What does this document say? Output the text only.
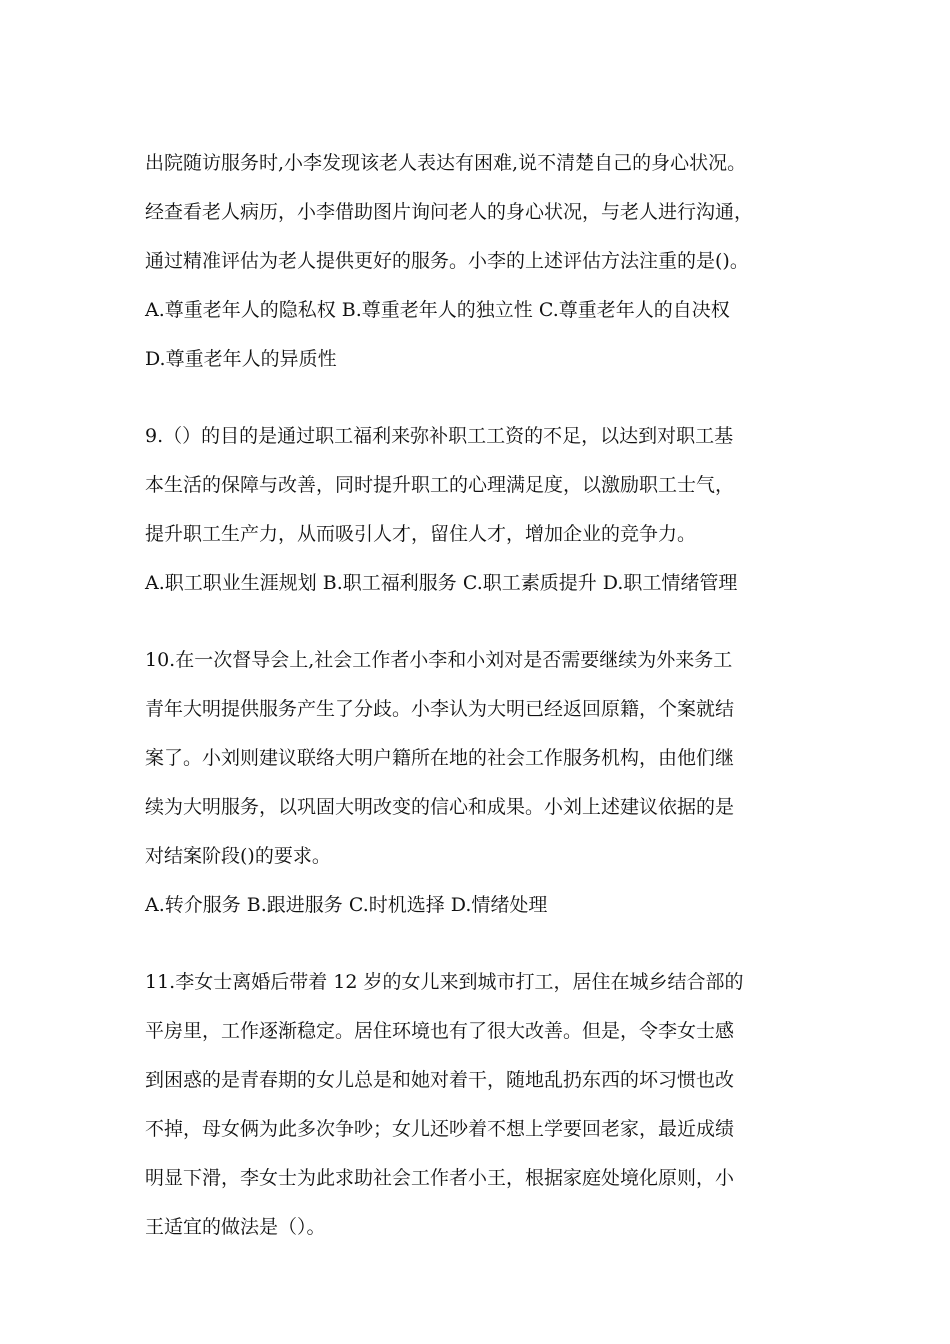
出院随访服务时,小李发现该老人表达有困难,说不清楚自己的身心状况。
经查看老人病历，小李借助图片询问老人的身心状况，与老人进行沟通，
通过精准评估为老人提供更好的服务。小李的上述评估方法注重的是()。
A.尊重老年人的隐私权 B.尊重老年人的独立性 C.尊重老年人的自决权
D.尊重老年人的异质性
9.（）的目的是通过职工福利来弥补职工工资的不足，以达到对职工基
本生活的保障与改善，同时提升职工的心理满足度，以激励职工士气，
提升职工生产力，从而吸引人才，留住人才，增加企业的竞争力。
A.职工职业生涯规划 B.职工福利服务 C.职工素质提升 D.职工情绪管理
10.在一次督导会上,社会工作者小李和小刘对是否需要继续为外来务工
青年大明提供服务产生了分歧。小李认为大明已经返回原籍，个案就结
案了。小刘则建议联络大明户籍所在地的社会工作服务机构，由他们继
续为大明服务，以巩固大明改变的信心和成果。小刘上述建议依据的是
对结案阶段()的要求。
A.转介服务 B.跟进服务 C.时机选择 D.情绪处理
11.李女士离婚后带着 12 岁的女儿来到城市打工，居住在城乡结合部的
平房里，工作逐渐稳定。居住环境也有了很大改善。但是，令李女士感
到困惑的是青春期的女儿总是和她对着干，随地乱扔东西的坏习惯也改
不掉，母女俩为此多次争吵；女儿还吵着不想上学要回老家，最近成绩
明显下滑，李女士为此求助社会工作者小王，根据家庭处境化原则，小
王适宜的做法是（）。
